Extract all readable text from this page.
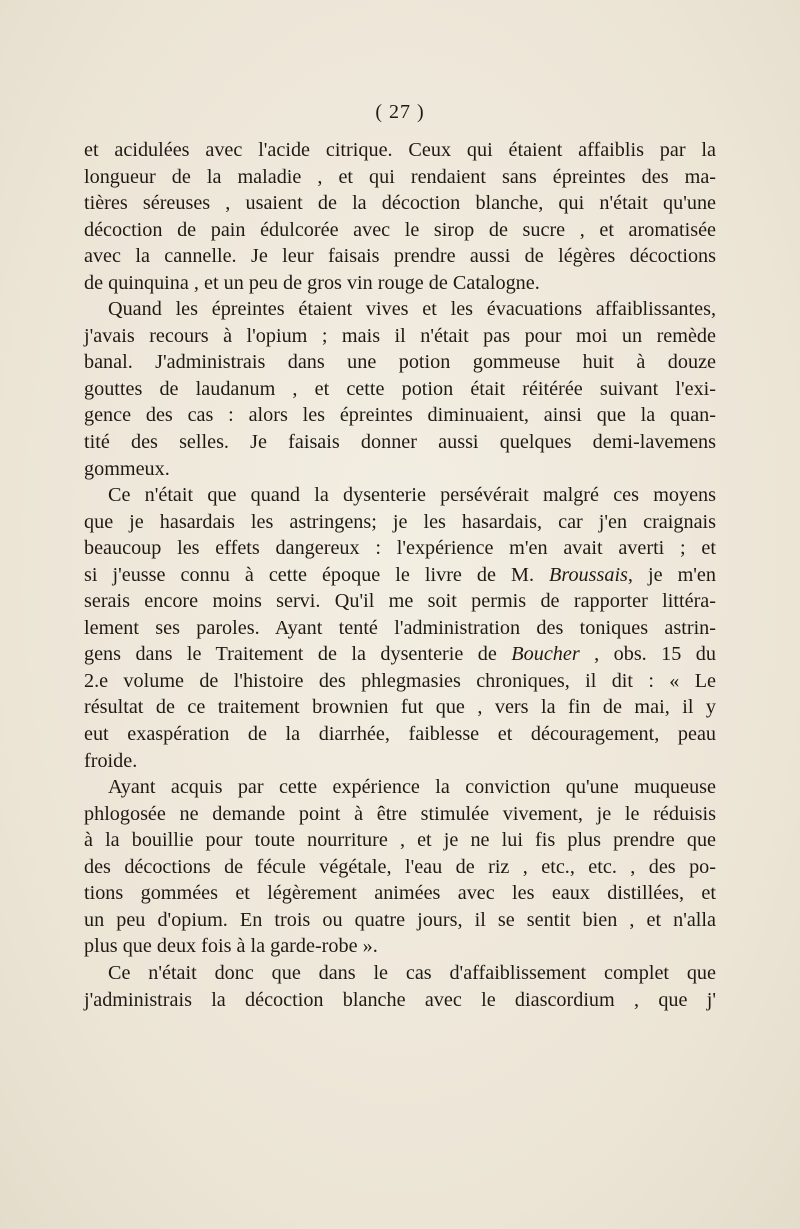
( 27 )
et acidulées avec l'acide citrique. Ceux qui étaient affaiblis par la
longueur de la maladie , et qui rendaient sans épreintes des ma-
tières séreuses , usaient de la décoction blanche, qui n'était qu'une
décoction de pain édulcorée avec le sirop de sucre , et aromatisée
avec la cannelle. Je leur faisais prendre aussi de légères décoctions
de quinquina , et un peu de gros vin rouge de Catalogne.
Quand les épreintes étaient vives et les évacuations affaiblissantes,
j'avais recours à l'opium ; mais il n'était pas pour moi un remède
banal. J'administrais dans une potion gommeuse huit à douze
gouttes de laudanum , et cette potion était réitérée suivant l'exi-
gence des cas : alors les épreintes diminuaient, ainsi que la quan-
tité des selles. Je faisais donner aussi quelques demi-lavemens
gommeux.
Ce n'était que quand la dysenterie persévérait malgré ces moyens
que je hasardais les astringens; je les hasardais, car j'en craignais
beaucoup les effets dangereux : l'expérience m'en avait averti ; et
si j'eusse connu à cette époque le livre de M. Broussais, je m'en
serais encore moins servi. Qu'il me soit permis de rapporter littéra-
lement ses paroles. Ayant tenté l'administration des toniques astrin-
gens dans le Traitement de la dysenterie de Boucher , obs. 15 du
2.e volume de l'histoire des phlegmasies chroniques, il dit : « Le
résultat de ce traitement brownien fut que , vers la fin de mai, il y
eut exaspération de la diarrhée, faiblesse et découragement, peau
froide.
Ayant acquis par cette expérience la conviction qu'une muqueuse
phlogosée ne demande point à être stimulée vivement, je le réduisis
à la bouillie pour toute nourriture , et je ne lui fis plus prendre que
des décoctions de fécule végétale, l'eau de riz , etc., etc. , des po-
tions gommées et légèrement animées avec les eaux distillées, et
un peu d'opium. En trois ou quatre jours, il se sentit bien , et n'alla
plus que deux fois à la garde-robe ».
Ce n'était donc que dans le cas d'affaiblissement complet que
j'administrais la décoction blanche avec le diascordium , que j'
